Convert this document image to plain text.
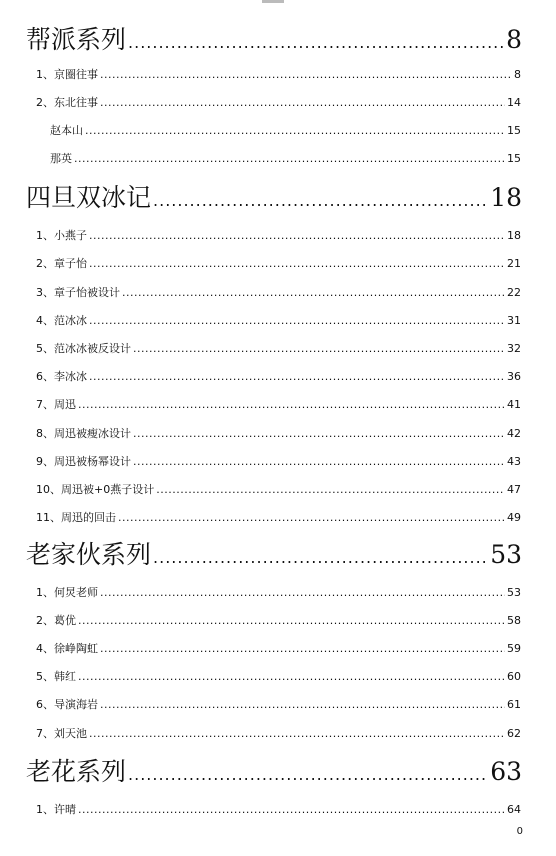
帮派系列 .....	8
1、京圈往事 .....	8
2、东北往事 .....	14
赵本山 .....	15
那英 .....	15
四旦双冰记 .....	18
1、小燕子 .....	18
2、章子怡 .....	21
3、章子怡被设计 .....	22
4、范冰冰 .....	31
5、范冰冰被反设计 .....	32
6、李冰冰 .....	36
7、周迅 .....	41
8、周迅被瘦冰设计 .....	42
9、周迅被杨幂设计 .....	43
10、周迅被+0燕子设计 .....	47
11、周迅的回击 .....	49
老家伙系列 .....	53
1、何炅老师 .....	53
2、葛优 .....	58
4、徐峥陶虹 .....	59
5、韩红 .....	60
6、导演海岩 .....	61
7、刘天池 .....	62
老花系列 .....	63
1、许晴 .....	64
0
